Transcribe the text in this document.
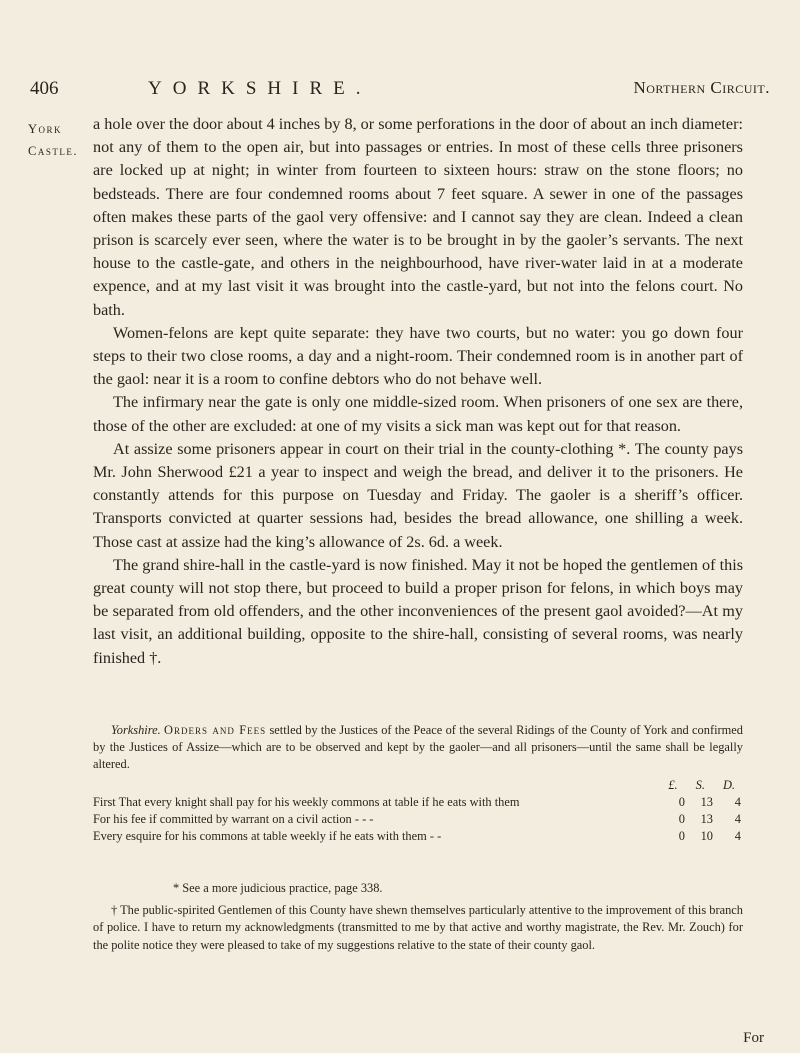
406	YORKSHIRE.	Northern Circuit.
York
Castle.

a hole over the door about 4 inches by 8, or some perforations in the door of about an inch diameter: not any of them to the open air, but into passages or entries. In most of these cells three prisoners are locked up at night; in winter from fourteen to sixteen hours: straw on the stone floors; no bedsteads. There are four condemned rooms about 7 feet square. A sewer in one of the passages often makes these parts of the gaol very offensive: and I cannot say they are clean. Indeed a clean prison is scarcely ever seen, where the water is to be brought in by the gaoler’s servants. The next house to the castle-gate, and others in the neighbourhood, have river-water laid in at a moderate expence, and at my last visit it was brought into the castle-yard, but not into the felons court. No bath.

Women-felons are kept quite separate: they have two courts, but no water: you go down four steps to their two close rooms, a day and a night-room. Their condemned room is in another part of the gaol: near it is a room to confine debtors who do not behave well.

The infirmary near the gate is only one middle-sized room. When prisoners of one sex are there, those of the other are excluded: at one of my visits a sick man was kept out for that reason.

At assize some prisoners appear in court on their trial in the county-clothing *. The county pays Mr. John Sherwood £21 a year to inspect and weigh the bread, and deliver it to the prisoners. He constantly attends for this purpose on Tuesday and Friday. The gaoler is a sheriff’s officer. Transports convicted at quarter sessions had, besides the bread allowance, one shilling a week. Those cast at assize had the king’s allowance of 2s. 6d. a week.

The grand shire-hall in the castle-yard is now finished. May it not be hoped the gentlemen of this great county will not stop there, but proceed to build a proper prison for felons, in which boys may be separated from old offenders, and the other inconveniences of the present gaol avoided?—At my last visit, an additional building, opposite to the shire-hall, consisting of several rooms, was nearly finished †.

Yorkshire. Orders and Fees settled by the Justices of the Peace of the several Ridings of the County of York and confirmed by the Justices of Assize—which are to be observed and kept by the gaoler—and all prisoners—until the same shall be legally altered.

£. S. D.
First That every knight shall pay for his weekly commons at table if he eats with them	0 13	4
For his fee if committed by warrant on a civil action - - -	0 13	4
Every esquire for his commons at table weekly if he eats with them - -	0 10	4

* See a more judicious practice, page 338.

† The public-spirited Gentlemen of this County have shewn themselves particularly attentive to the improvement of this branch of police. I have to return my acknowledgments (transmitted to me by that active and worthy magistrate, the Rev. Mr. Zouch) for the polite notice they were pleased to take of my suggestions relative to the state of their county gaol.

For
